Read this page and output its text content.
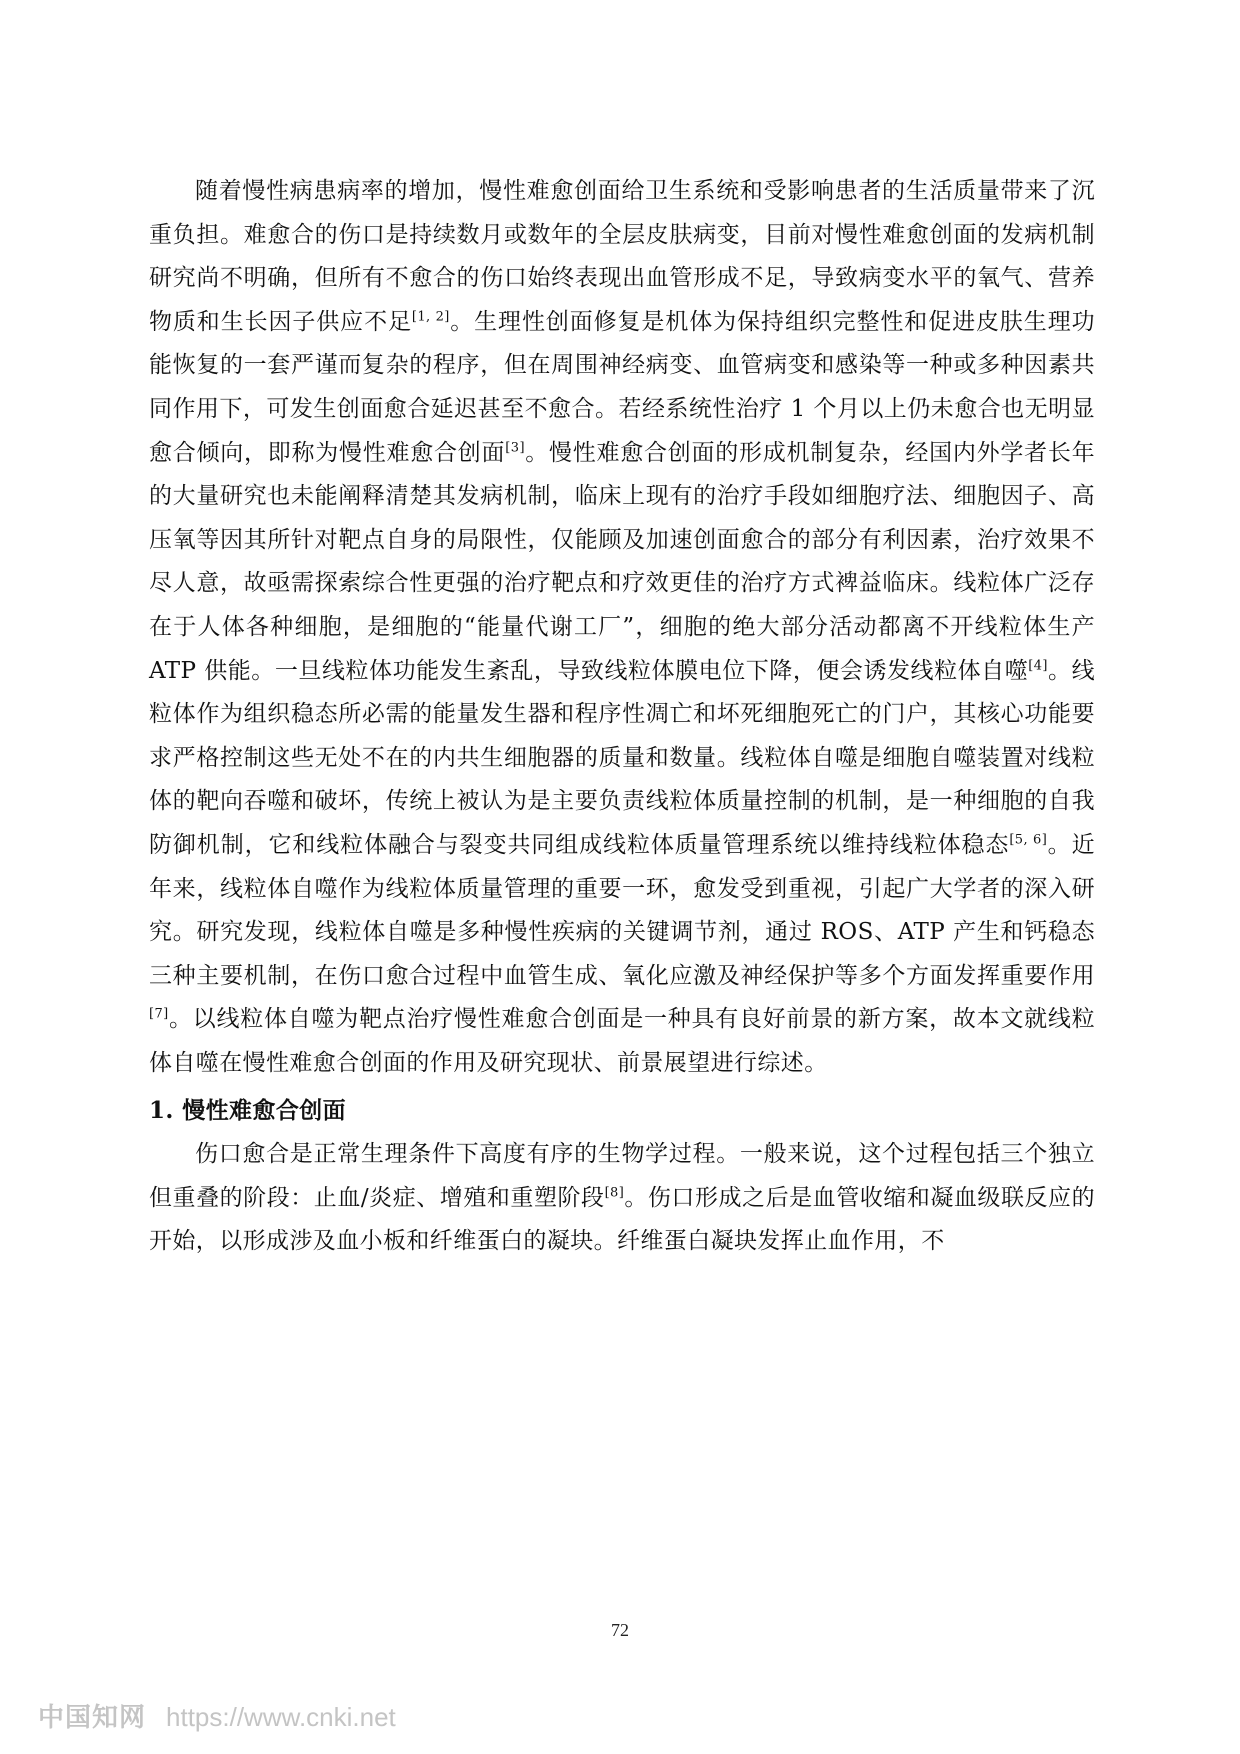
随着慢性病患病率的增加，慢性难愈创面给卫生系统和受影响患者的生活质量带来了沉重负担。难愈合的伤口是持续数月或数年的全层皮肤病变，目前对慢性难愈创面的发病机制研究尚不明确，但所有不愈合的伤口始终表现出血管形成不足，导致病变水平的氧气、营养物质和生长因子供应不足[1, 2]。生理性创面修复是机体为保持组织完整性和促进皮肤生理功能恢复的一套严谨而复杂的程序，但在周围神经病变、血管病变和感染等一种或多种因素共同作用下，可发生创面愈合延迟甚至不愈合。若经系统性治疗 1 个月以上仍未愈合也无明显愈合倾向，即称为慢性难愈合创面[3]。慢性难愈合创面的形成机制复杂，经国内外学者长年的大量研究也未能阐释清楚其发病机制，临床上现有的治疗手段如细胞疗法、细胞因子、高压氧等因其所针对靶点自身的局限性，仅能顾及加速创面愈合的部分有利因素，治疗效果不尽人意，故亟需探索综合性更强的治疗靶点和疗效更佳的治疗方式裨益临床。线粒体广泛存在于人体各种细胞，是细胞的“能量代谢工厂”，细胞的绝大部分活动都离不开线粒体生产 ATP 供能。一旦线粒体功能发生紊乱，导致线粒体膜电位下降，便会诱发线粒体自噬[4]。线粒体作为组织稳态所必需的能量发生器和程序性凋亡和坏死细胞死亡的门户，其核心功能要求严格控制这些无处不在的内共生细胞器的质量和数量。线粒体自噬是细胞自噬装置对线粒体的靶向吞噬和破坏，传统上被认为是主要负责线粒体质量控制的机制，是一种细胞的自我防御机制，它和线粒体融合与裂变共同组成线粒体质量管理系统以维持线粒体稳态[5, 6]。近年来，线粒体自噬作为线粒体质量管理的重要一环，愈发受到重视，引起广大学者的深入研究。研究发现，线粒体自噬是多种慢性疾病的关键调节剂，通过 ROS、ATP 产生和钙稳态三种主要机制，在伤口愈合过程中血管生成、氧化应激及神经保护等多个方面发挥重要作用[7]。以线粒体自噬为靶点治疗慢性难愈合创面是一种具有良好前景的新方案，故本文就线粒体自噬在慢性难愈合创面的作用及研究现状、前景展望进行综述。

1. 慢性难愈合创面

伤口愈合是正常生理条件下高度有序的生物学过程。一般来说，这个过程包括三个独立但重叠的阶段：止血/炎症、增殖和重塑阶段[8]。伤口形成之后是血管收缩和凝血级联反应的开始，以形成涉及血小板和纤维蛋白的凝块。纤维蛋白凝块发挥止血作用，不

72
中国知网 https://www.cnki.net
